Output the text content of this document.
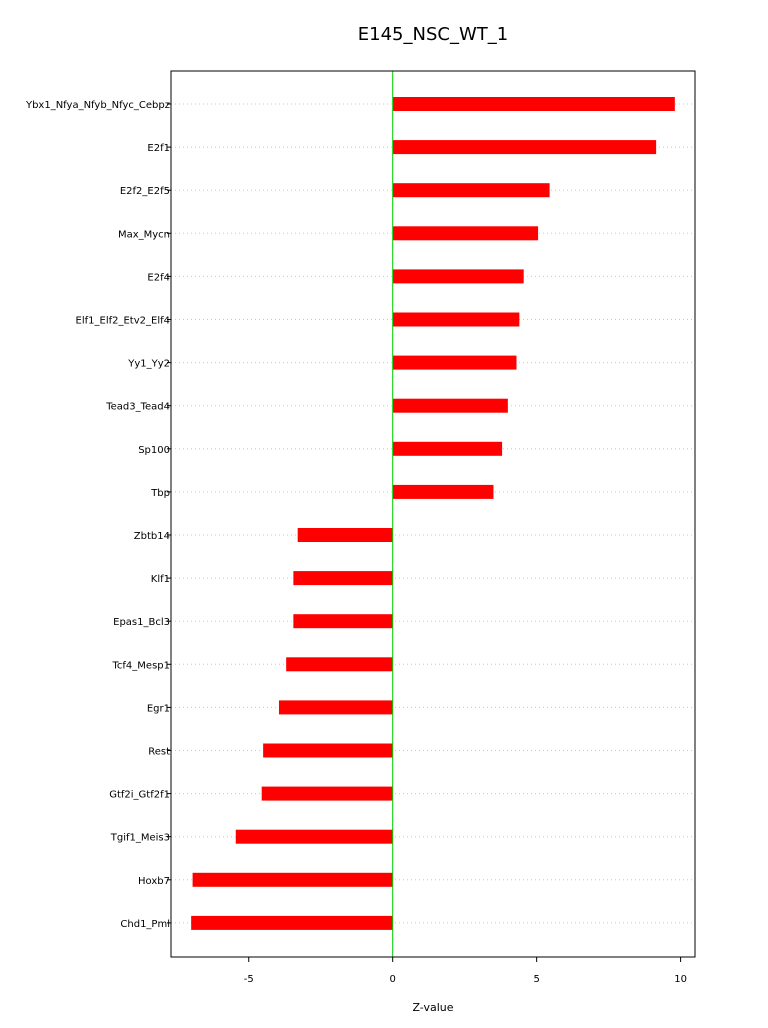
E145_NSC_WT_1
Ybx1_Nfya_Nfyb_Nfyc_Cebpz
E2f1
E2f2_E2f5
Max_Mycn
E2f4
Elf1_Elf2_Etv2_Elf4
Yy1_Yy2
Tead3_Tead4
Sp100
Tbp
Zbtb14
Klf1
Epas1_Bcl3
Tcf4_Mesp1
Egr1
Rest
Gtf2i_Gtf2f1
Tgif1_Meis3
Hoxb7
Chd1_Pml
-5	0	5	10
Z-value
